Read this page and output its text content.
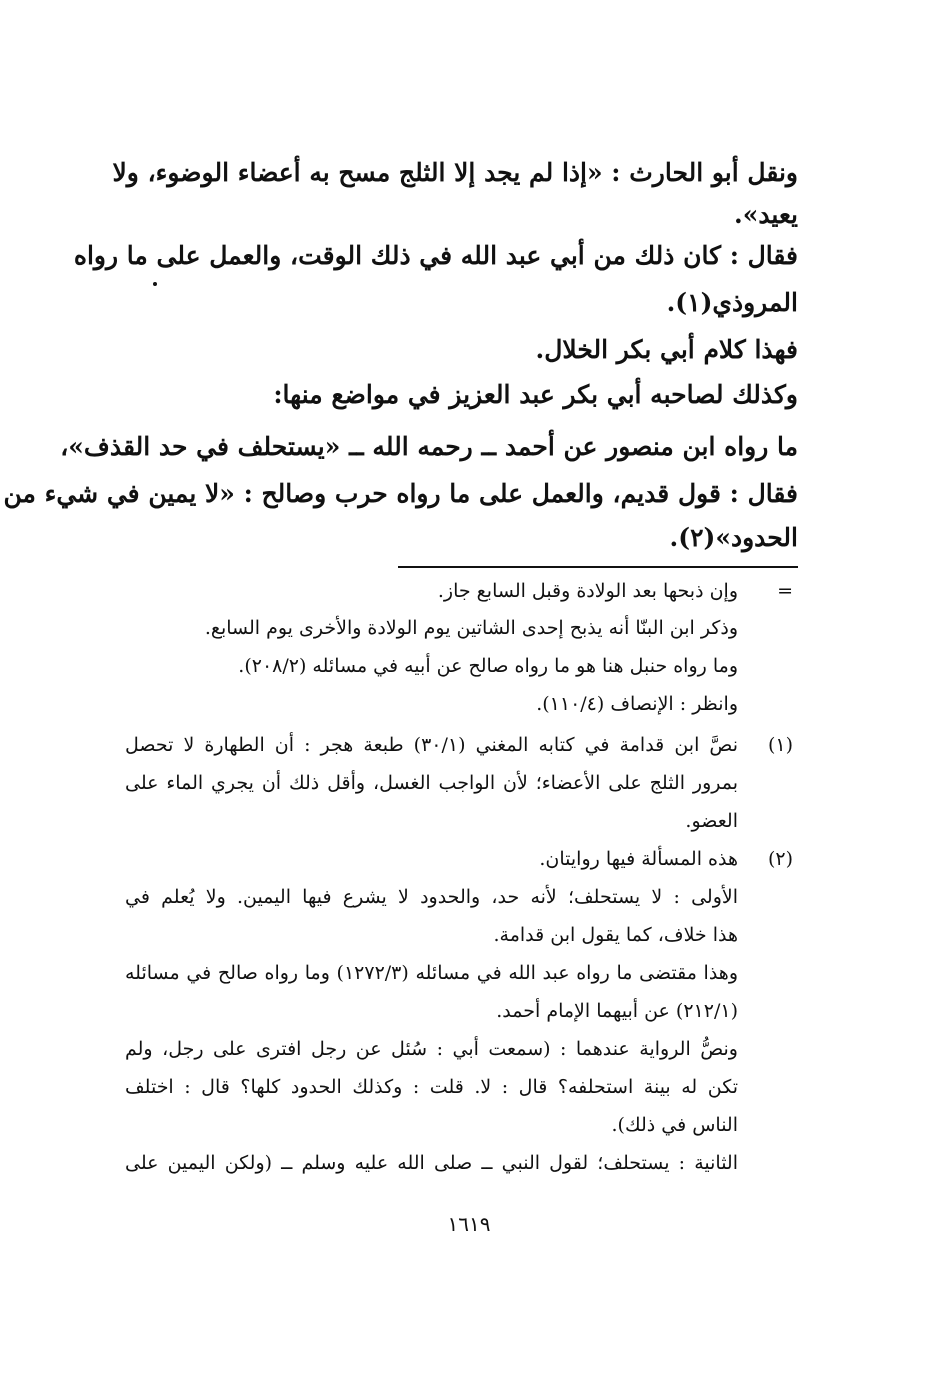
ونقل أبو الحارث : «إذا لم يجد إلا الثلج مسح به أعضاء الوضوء، ولا
يعيد».
فقال : كان ذلك من أبي عبد الله في ذلك الوقت، والعمل على ما رواه
المروذي(١).
فهذا كلام أبي بكر الخلال.
وكذلك لصاحبه أبي بكر عبد العزيز في مواضع منها:
ما رواه ابن منصور عن أحمد ــ رحمه الله ــ «يستحلف في حد القذف»،
فقال : قول قديم، والعمل على ما رواه حرب وصالح : «لا يمين في شيء من
الحدود»(٢).
=
وإن ذبحها بعد الولادة وقبل السابع جاز.
وذكر ابن البنّا أنه يذبح إحدى الشاتين يوم الولادة والأخرى يوم السابع.
وما رواه حنبل هنا هو ما رواه صالح عن أبيه في مسائله (٢٠٨/٢).
وانظر : الإنصاف (١١٠/٤).
(١)
نصَّ ابن قدامة في كتابه المغني (٣٠/١) طبعة هجر : أن الطهارة لا تحصل
بمرور الثلج على الأعضاء؛ لأن الواجب الغسل، وأقل ذلك أن يجري الماء على
العضو.
(٢)
هذه المسألة فيها روايتان.
الأولى : لا يستحلف؛ لأنه حد، والحدود لا يشرع فيها اليمين. ولا يُعلم في
هذا خلاف، كما يقول ابن قدامة.
وهذا مقتضى ما رواه عبد الله في مسائله (١٢٧٢/٣) وما رواه صالح في مسائله
(٢١٢/١) عن أبيهما الإمام أحمد.
ونصُّ الرواية عندهما : (سمعت أبي : سُئل عن رجل افترى على رجل، ولم
تكن له بينة استحلفه؟ قال : لا. قلت : وكذلك الحدود كلها؟ قال : اختلف
الناس في ذلك).
الثانية : يستحلف؛ لقول النبي ــ صلى الله عليه وسلم ــ (ولكن اليمين على
١٦١٩
